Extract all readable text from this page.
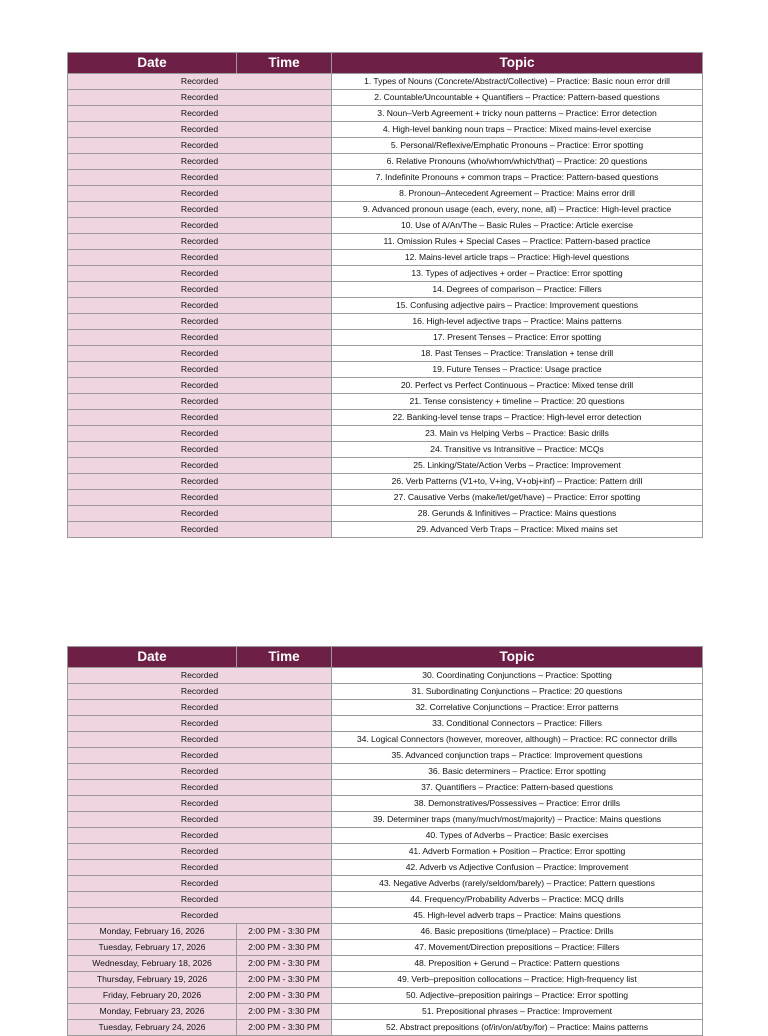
Date	Time	Topic
Recorded		1. Types of Nouns (Concrete/Abstract/Collective) – Practice: Basic noun error drill
Recorded		2. Countable/Uncountable + Quantifiers – Practice: Pattern-based questions
Recorded		3. Noun–Verb Agreement + tricky noun patterns – Practice: Error detection
Recorded		4. High-level banking noun traps – Practice: Mixed mains-level exercise
Recorded		5. Personal/Reflexive/Emphatic Pronouns – Practice: Error spotting
Recorded		6. Relative Pronouns (who/whom/which/that) – Practice: 20 questions
Recorded		7. Indefinite Pronouns + common traps – Practice: Pattern-based questions
Recorded		8. Pronoun–Antecedent Agreement – Practice: Mains error drill
Recorded		9. Advanced pronoun usage (each, every, none, all) – Practice: High-level practice
Recorded		10. Use of A/An/The – Basic Rules – Practice: Article exercise
Recorded		11. Omission Rules + Special Cases – Practice: Pattern-based practice
Recorded		12. Mains-level article traps – Practice: High-level questions
Recorded		13. Types of adjectives + order – Practice: Error spotting
Recorded		14. Degrees of comparison – Practice: Fillers
Recorded		15. Confusing adjective pairs – Practice: Improvement questions
Recorded		16. High-level adjective traps – Practice: Mains patterns
Recorded		17. Present Tenses – Practice: Error spotting
Recorded		18. Past Tenses – Practice: Translation + tense drill
Recorded		19. Future Tenses – Practice: Usage practice
Recorded		20. Perfect vs Perfect Continuous – Practice: Mixed tense drill
Recorded		21. Tense consistency + timeline – Practice: 20 questions
Recorded		22. Banking-level tense traps – Practice: High-level error detection
Recorded		23. Main vs Helping Verbs – Practice: Basic drills
Recorded		24. Transitive vs Intransitive – Practice: MCQs
Recorded		25. Linking/State/Action Verbs – Practice: Improvement
Recorded		26. Verb Patterns (V1+to, V+ing, V+obj+inf) – Practice: Pattern drill
Recorded		27. Causative Verbs (make/let/get/have) – Practice: Error spotting
Recorded		28. Gerunds & Infinitives – Practice: Mains questions
Recorded		29. Advanced Verb Traps – Practice: Mixed mains set
Date	Time	Topic
Recorded		30. Coordinating Conjunctions – Practice: Spotting
Recorded		31. Subordinating Conjunctions – Practice: 20 questions
Recorded		32. Correlative Conjunctions – Practice: Error patterns
Recorded		33. Conditional Connectors – Practice: Fillers
Recorded		34. Logical Connectors (however, moreover, although) – Practice: RC connector drills
Recorded		35. Advanced conjunction traps – Practice: Improvement questions
Recorded		36. Basic determiners – Practice: Error spotting
Recorded		37. Quantifiers – Practice: Pattern-based questions
Recorded		38. Demonstratives/Possessives – Practice: Error drills
Recorded		39. Determiner traps (many/much/most/majority) – Practice: Mains questions
Recorded		40. Types of Adverbs – Practice: Basic exercises
Recorded		41. Adverb Formation + Position – Practice: Error spotting
Recorded		42. Adverb vs Adjective Confusion – Practice: Improvement
Recorded		43. Negative Adverbs (rarely/seldom/barely) – Practice: Pattern questions
Recorded		44. Frequency/Probability Adverbs – Practice: MCQ drills
Recorded		45. High-level adverb traps – Practice: Mains questions
Monday, February 16, 2026	2:00 PM - 3:30 PM	46. Basic prepositions (time/place) – Practice: Drills
Tuesday, February 17, 2026	2:00 PM - 3:30 PM	47. Movement/Direction prepositions – Practice: Fillers
Wednesday, February 18, 2026	2:00 PM - 3:30 PM	48. Preposition + Gerund – Practice: Pattern questions
Thursday, February 19, 2026	2:00 PM - 3:30 PM	49. Verb–preposition collocations – Practice: High-frequency list
Friday, February 20, 2026	2:00 PM - 3:30 PM	50. Adjective–preposition pairings – Practice: Error spotting
Monday, February 23, 2026	2:00 PM - 3:30 PM	51. Prepositional phrases – Practice: Improvement
Tuesday, February 24, 2026	2:00 PM - 3:30 PM	52. Abstract prepositions (of/in/on/at/by/for) – Practice: Mains patterns
